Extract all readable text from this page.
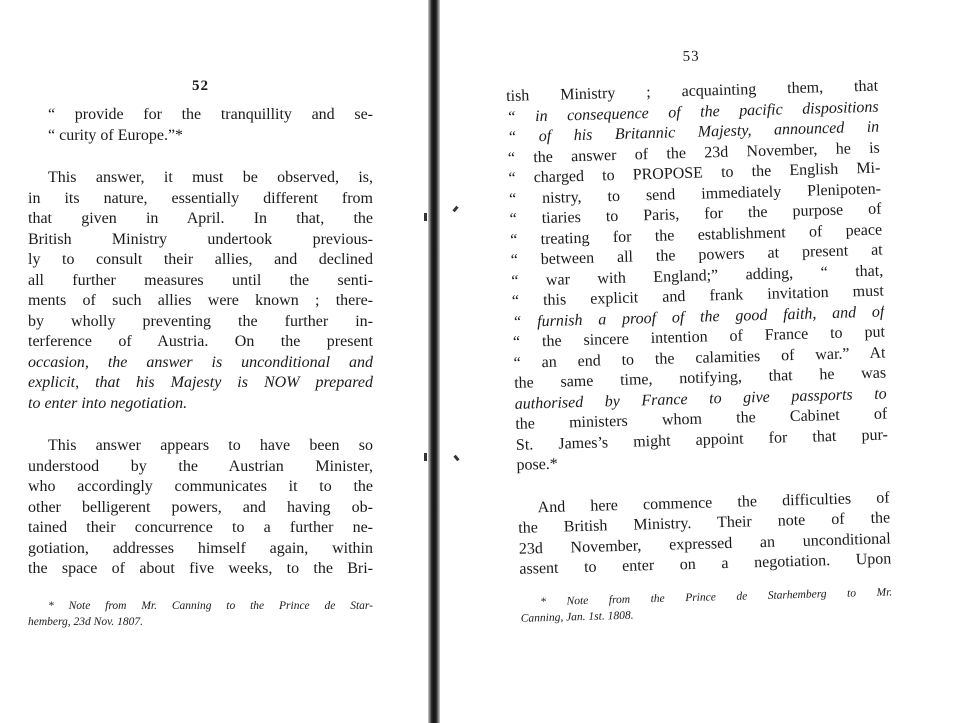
52
“ provide for the tranquillity and se-
“ curity of Europe.”*
This answer, it must be observed, is,
in its nature, essentially different from
that given in April. In that, the
British Ministry undertook previous-
ly to consult their allies, and declined
all further measures until the senti-
ments of such allies were known ; there-
by wholly preventing the further in-
terference of Austria. On the present
occasion, the answer is unconditional and
explicit, that his Majesty is NOW prepared
to enter into negotiation.
This answer appears to have been so
understood by the Austrian Minister,
who accordingly communicates it to the
other belligerent powers, and having ob-
tained their concurrence to a further ne-
gotiation, addresses himself again, within
the space of about five weeks, to the Bri-
* Note from Mr. Canning to the Prince de Star-
hemberg, 23d Nov. 1807.
53
tish Ministry ; acquainting them, that
“ in consequence of the pacific dispositions
“ of his Britannic Majesty, announced in
“ the answer of the 23d November, he is
“ charged to PROPOSE to the English Mi-
“ nistry, to send immediately Plenipoten-
“ tiaries to Paris, for the purpose of
“ treating for the establishment of peace
“ between all the powers at present at
“ war with England;” adding, “ that,
“ this explicit and frank invitation must
“ furnish a proof of the good faith, and of
“ the sincere intention of France to put
“ an end to the calamities of war.” At
the same time, notifying, that he was
authorised by France to give passports to
the ministers whom the Cabinet of
St. James’s might appoint for that pur-
pose.*
And here commence the difficulties of
the British Ministry. Their note of the
23d November, expressed an unconditional
assent to enter on a negotiation. Upon
* Note from the Prince de Starhemberg to Mr.
Canning, Jan. 1st. 1808.
